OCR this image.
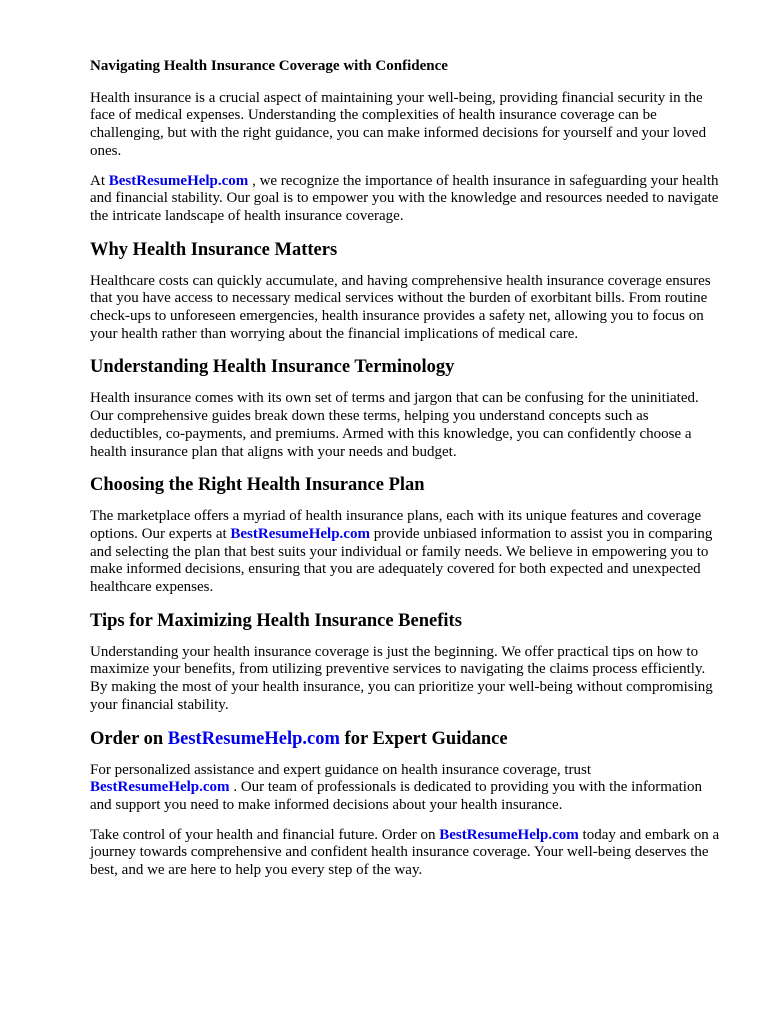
Navigating Health Insurance Coverage with Confidence

Health insurance is a crucial aspect of maintaining your well-being, providing financial security in the face of medical expenses. Understanding the complexities of health insurance coverage can be challenging, but with the right guidance, you can make informed decisions for yourself and your loved ones.

At BestResumeHelp.com , we recognize the importance of health insurance in safeguarding your health and financial stability. Our goal is to empower you with the knowledge and resources needed to navigate the intricate landscape of health insurance coverage.

Why Health Insurance Matters

Healthcare costs can quickly accumulate, and having comprehensive health insurance coverage ensures that you have access to necessary medical services without the burden of exorbitant bills. From routine check-ups to unforeseen emergencies, health insurance provides a safety net, allowing you to focus on your health rather than worrying about the financial implications of medical care.

Understanding Health Insurance Terminology

Health insurance comes with its own set of terms and jargon that can be confusing for the uninitiated. Our comprehensive guides break down these terms, helping you understand concepts such as deductibles, co-payments, and premiums. Armed with this knowledge, you can confidently choose a health insurance plan that aligns with your needs and budget.

Choosing the Right Health Insurance Plan

The marketplace offers a myriad of health insurance plans, each with its unique features and coverage options. Our experts at BestResumeHelp.com provide unbiased information to assist you in comparing and selecting the plan that best suits your individual or family needs. We believe in empowering you to make informed decisions, ensuring that you are adequately covered for both expected and unexpected healthcare expenses.

Tips for Maximizing Health Insurance Benefits

Understanding your health insurance coverage is just the beginning. We offer practical tips on how to maximize your benefits, from utilizing preventive services to navigating the claims process efficiently. By making the most of your health insurance, you can prioritize your well-being without compromising your financial stability.

Order on BestResumeHelp.com for Expert Guidance

For personalized assistance and expert guidance on health insurance coverage, trust BestResumeHelp.com . Our team of professionals is dedicated to providing you with the information and support you need to make informed decisions about your health insurance.

Take control of your health and financial future. Order on BestResumeHelp.com today and embark on a journey towards comprehensive and confident health insurance coverage. Your well-being deserves the best, and we are here to help you every step of the way.
